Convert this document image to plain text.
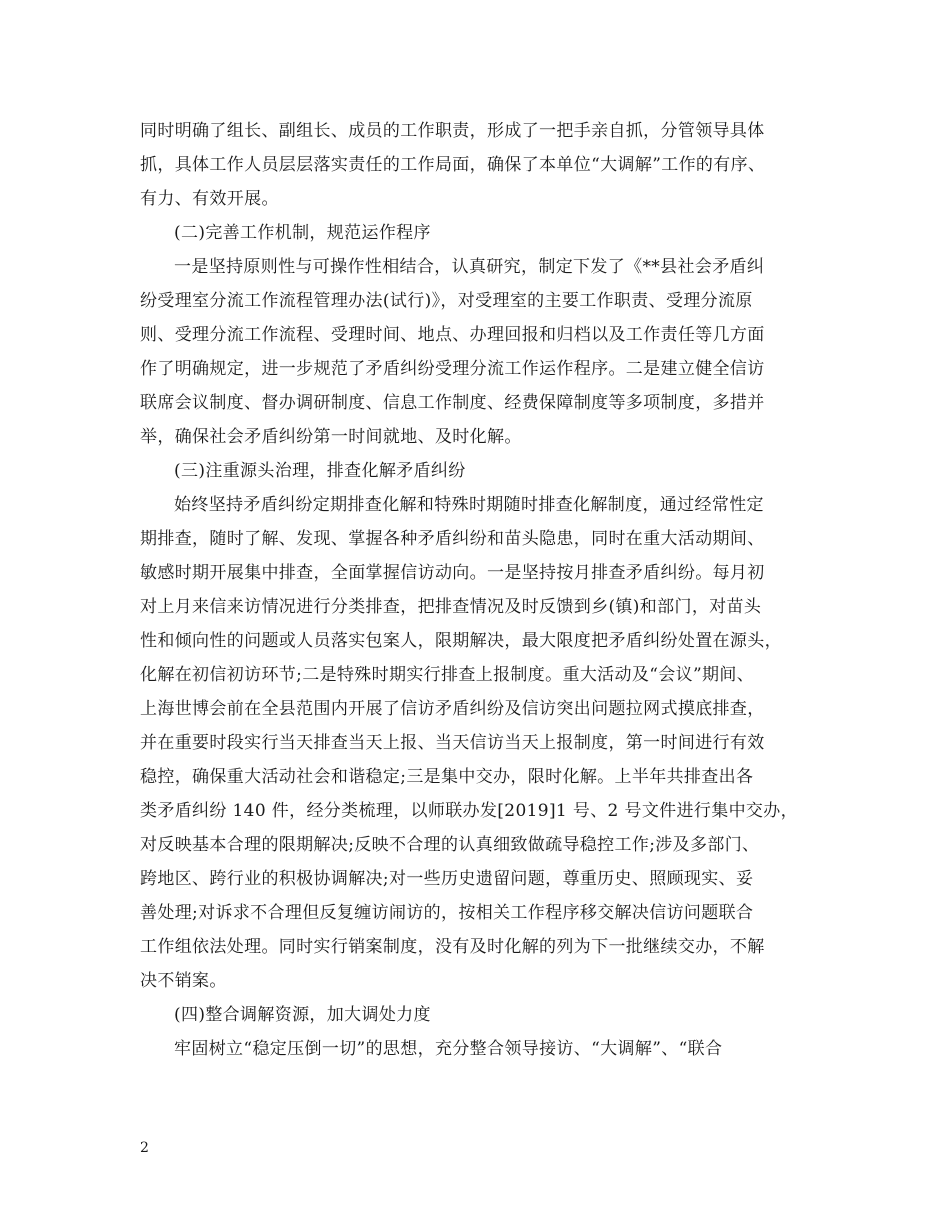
同时明确了组长、副组长、成员的工作职责，形成了一把手亲自抓，分管领导具体
抓，具体工作人员层层落实责任的工作局面，确保了本单位“大调解”工作的有序、
有力、有效开展。
(二)完善工作机制，规范运作程序
一是坚持原则性与可操作性相结合，认真研究，制定下发了《**县社会矛盾纠
纷受理室分流工作流程管理办法(试行)》，对受理室的主要工作职责、受理分流原
则、受理分流工作流程、受理时间、地点、办理回报和归档以及工作责任等几方面
作了明确规定，进一步规范了矛盾纠纷受理分流工作运作程序。二是建立健全信访
联席会议制度、督办调研制度、信息工作制度、经费保障制度等多项制度，多措并
举，确保社会矛盾纠纷第一时间就地、及时化解。
(三)注重源头治理，排查化解矛盾纠纷
始终坚持矛盾纠纷定期排查化解和特殊时期随时排查化解制度，通过经常性定
期排查，随时了解、发现、掌握各种矛盾纠纷和苗头隐患，同时在重大活动期间、
敏感时期开展集中排查，全面掌握信访动向。一是坚持按月排查矛盾纠纷。每月初
对上月来信来访情况进行分类排查，把排查情况及时反馈到乡(镇)和部门，对苗头
性和倾向性的问题或人员落实包案人，限期解决，最大限度把矛盾纠纷处置在源头，
化解在初信初访环节;二是特殊时期实行排查上报制度。重大活动及“会议”期间、
上海世博会前在全县范围内开展了信访矛盾纠纷及信访突出问题拉网式摸底排查，
并在重要时段实行当天排查当天上报、当天信访当天上报制度，第一时间进行有效
稳控，确保重大活动社会和谐稳定;三是集中交办，限时化解。上半年共排查出各
类矛盾纠纷 140 件，经分类梳理，以师联办发[2019]1 号、2 号文件进行集中交办，
对反映基本合理的限期解决;反映不合理的认真细致做疏导稳控工作;涉及多部门、
跨地区、跨行业的积极协调解决;对一些历史遗留问题，尊重历史、照顾现实、妥
善处理;对诉求不合理但反复缠访闹访的，按相关工作程序移交解决信访问题联合
工作组依法处理。同时实行销案制度，没有及时化解的列为下一批继续交办，不解
决不销案。
(四)整合调解资源，加大调处力度
牢固树立“稳定压倒一切”的思想，充分整合领导接访、“大调解”、“联合
2
